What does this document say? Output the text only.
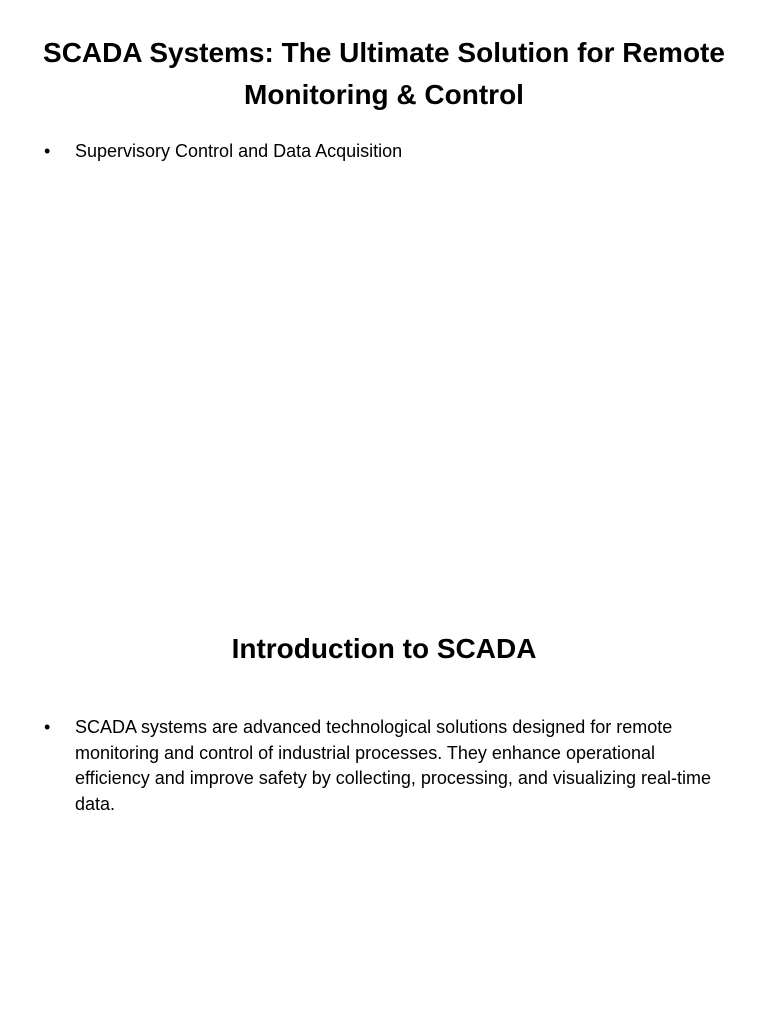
SCADA Systems: The Ultimate Solution for Remote Monitoring & Control
• Supervisory Control and Data Acquisition
Introduction to SCADA
• SCADA systems are advanced technological solutions designed for remote monitoring and control of industrial processes. They enhance operational efficiency and improve safety by collecting, processing, and visualizing real-time data.
